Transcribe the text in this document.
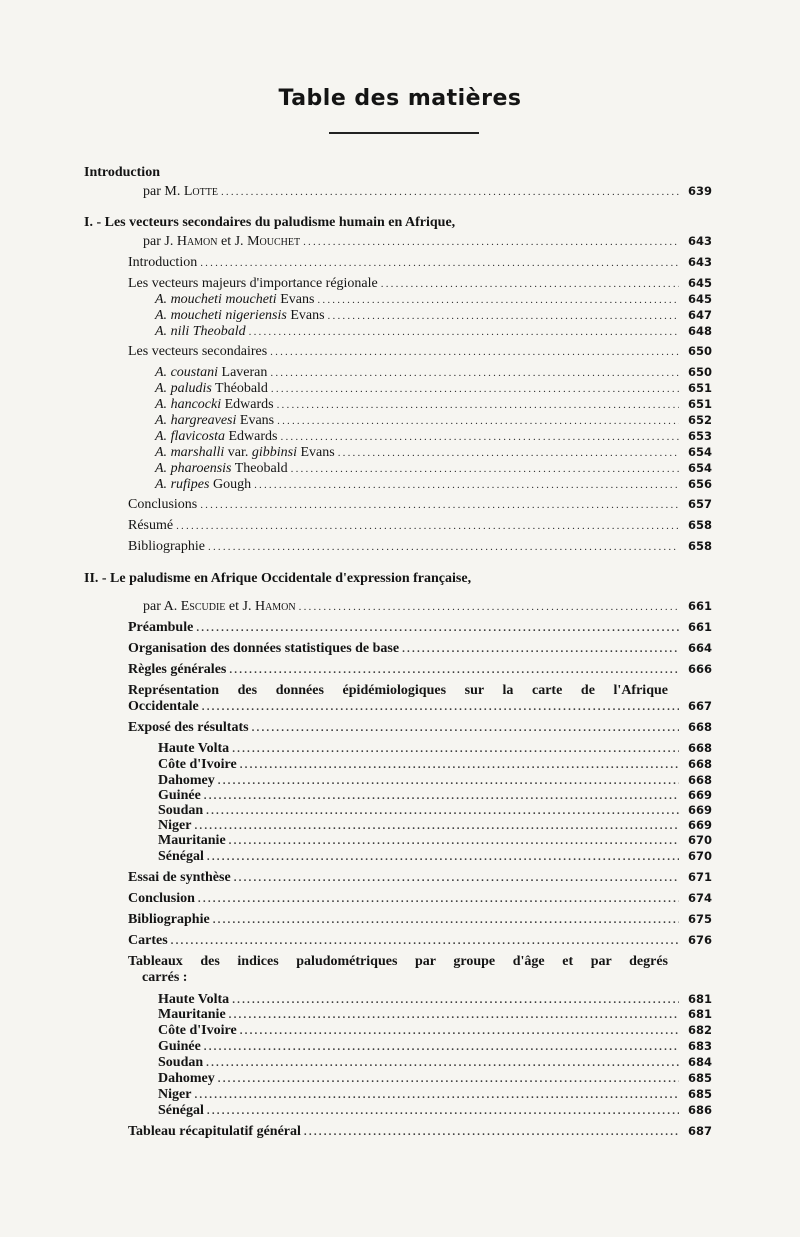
Table des matières
Introduction
par M. Lotte .....	639
I. - Les vecteurs secondaires du paludisme humain en Afrique,
par J. Hamon et J. Mouchet .....	643
Introduction .....	643
Les vecteurs majeurs d'importance régionale .....	645
A. moucheti moucheti Evans .....	645
A. moucheti nigeriensis Evans .....	647
A. nili Theobald .....	648
Les vecteurs secondaires .....	650
A. coustani Laveran .....	650
A. paludis Théobald .....	651
A. hancocki Edwards .....	651
A. hargreavesi Evans .....	652
A. flavicosta Edwards .....	653
A. marshalli var. gibbinsi Evans .....	654
A. pharoensis Theobald .....	654
A. rufipes Gough .....	656
Conclusions .....	657
Résumé .....	658
Bibliographie .....	658
II. - Le paludisme en Afrique Occidentale d'expression française,
par A. Escudie et J. Hamon .....	661
Préambule .....	661
Organisation des données statistiques de base .....	664
Règles générales .....	666
Représentation des données épidémiologiques sur la carte de l'Afrique
Occidentale .....	667
Exposé des résultats .....	668
Haute Volta .....	668
Côte d'Ivoire .....	668
Dahomey .....	668
Guinée .....	669
Soudan .....	669
Niger .....	669
Mauritanie .....	670
Sénégal .....	670
Essai de synthèse .....	671
Conclusion .....	674
Bibliographie .....	675
Cartes .....	676
Tableaux des indices paludométriques par groupe d'âge et par degrés
carrés :
Haute Volta .....	681
Mauritanie .....	681
Côte d'Ivoire .....	682
Guinée .....	683
Soudan .....	684
Dahomey .....	685
Niger .....	685
Sénégal .....	686
Tableau récapitulatif général .....	687
